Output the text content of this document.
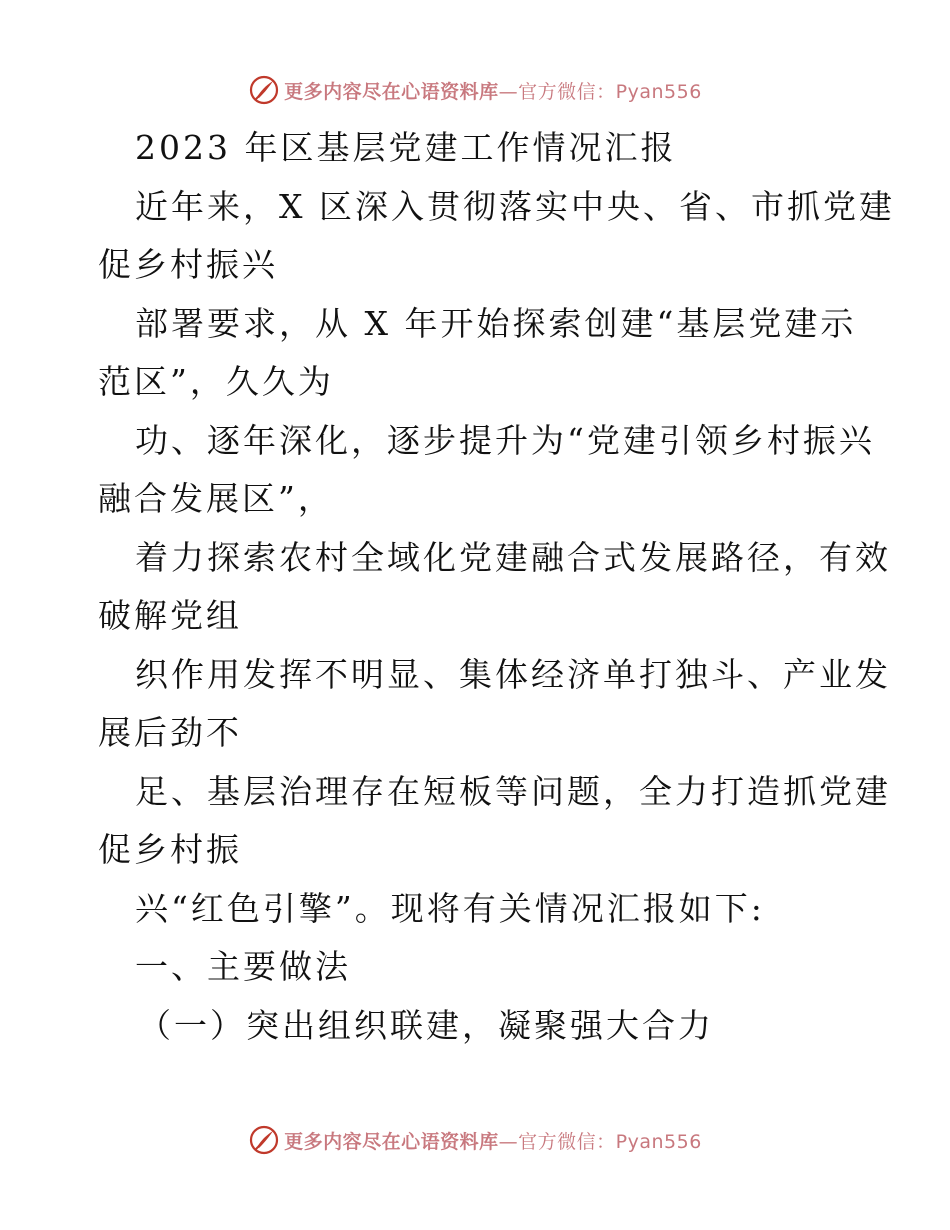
更多内容尽在心语资料库—官方微信：Pyan556
2023 年区基层党建工作情况汇报
近年来，X 区深入贯彻落实中央、省、市抓党建
促乡村振兴
部署要求，从 X 年开始探索创建“基层党建示
范区”，久久为
功、逐年深化，逐步提升为“党建引领乡村振兴
融合发展区”，
着力探索农村全域化党建融合式发展路径，有效
破解党组
织作用发挥不明显、集体经济单打独斗、产业发
展后劲不
足、基层治理存在短板等问题，全力打造抓党建
促乡村振
兴“红色引擎”。现将有关情况汇报如下:
一、主要做法
（一）突出组织联建，凝聚强大合力
更多内容尽在心语资料库—官方微信：Pyan556
